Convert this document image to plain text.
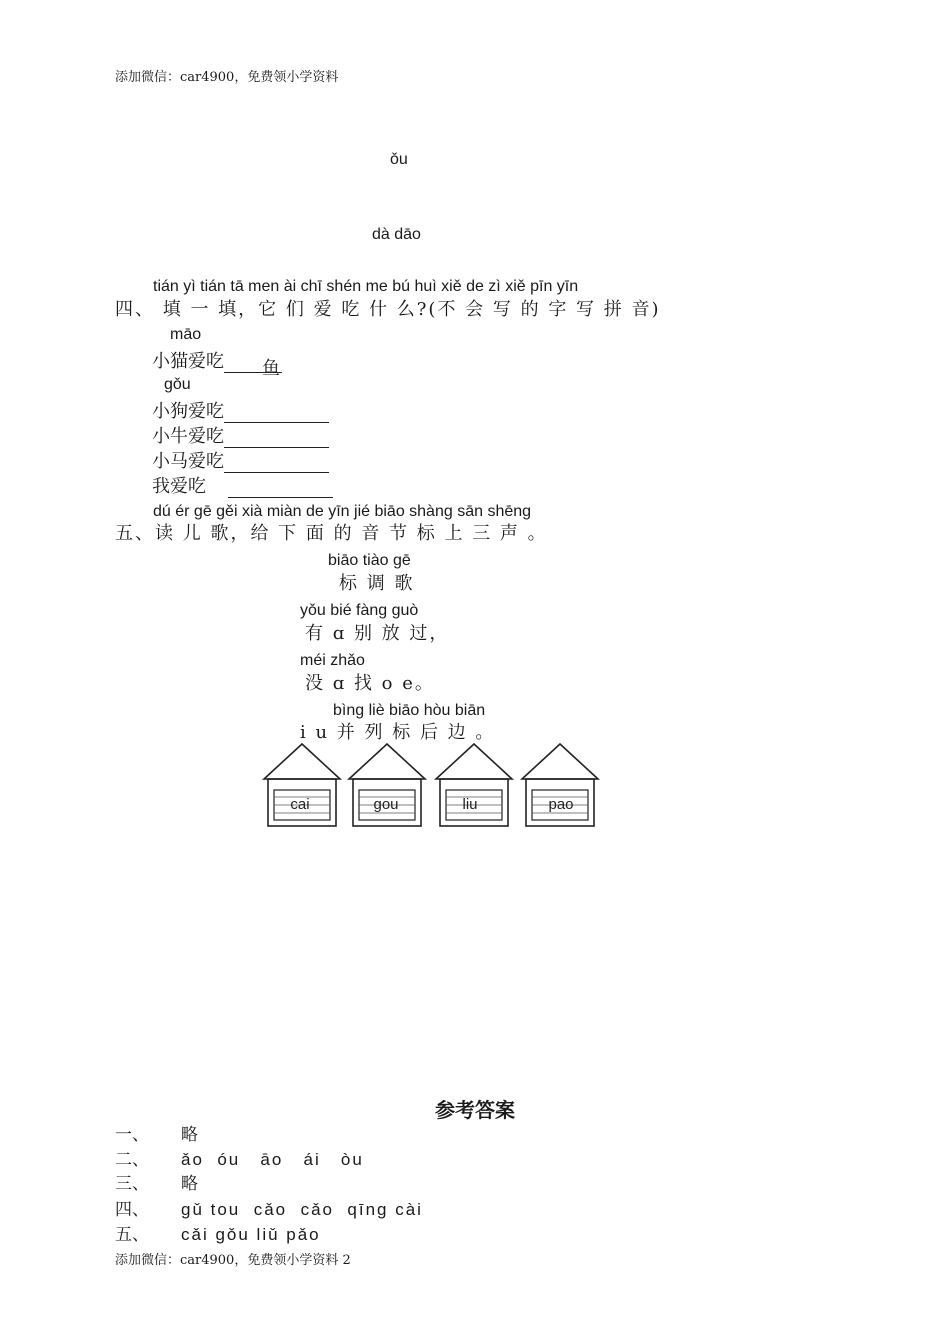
添加微信：car4900，免费领小学资料
ǒu
dà dāo
tián yì tián tā men ài chī shén me bú huì xiě de zì xiě pīn yīn
四、 填 一 填，它 们 爱 吃 什 么?(不 会 写 的 字 写 拼 音)
māo
小猫爱吃 鱼
gǒu
小狗爱吃
小牛爱吃
小马爱吃
我爱吃
dú ér gē gěi xià miàn de yīn jié biāo shàng sān shēng
五、读 儿 歌，给 下 面 的 音 节 标 上 三 声 。
biāo tiào gē
标 调 歌
yǒu bié fàng guò
有 ɑ 别 放 过，
méi zhǎo
没 ɑ 找 o e。
bìng liè biāo hòu biān
i u 并 列 标 后 边 。
cai	gou	liu	pao
参考答案
一、 略
二、 ǎo  óu   āo   ái   òu
三、 略
四、 gǔ tou  cǎo  cǎo  qīng cài
五、 cǎi gǒu liǔ pǎo
添加微信：car4900，免费领小学资料 2
